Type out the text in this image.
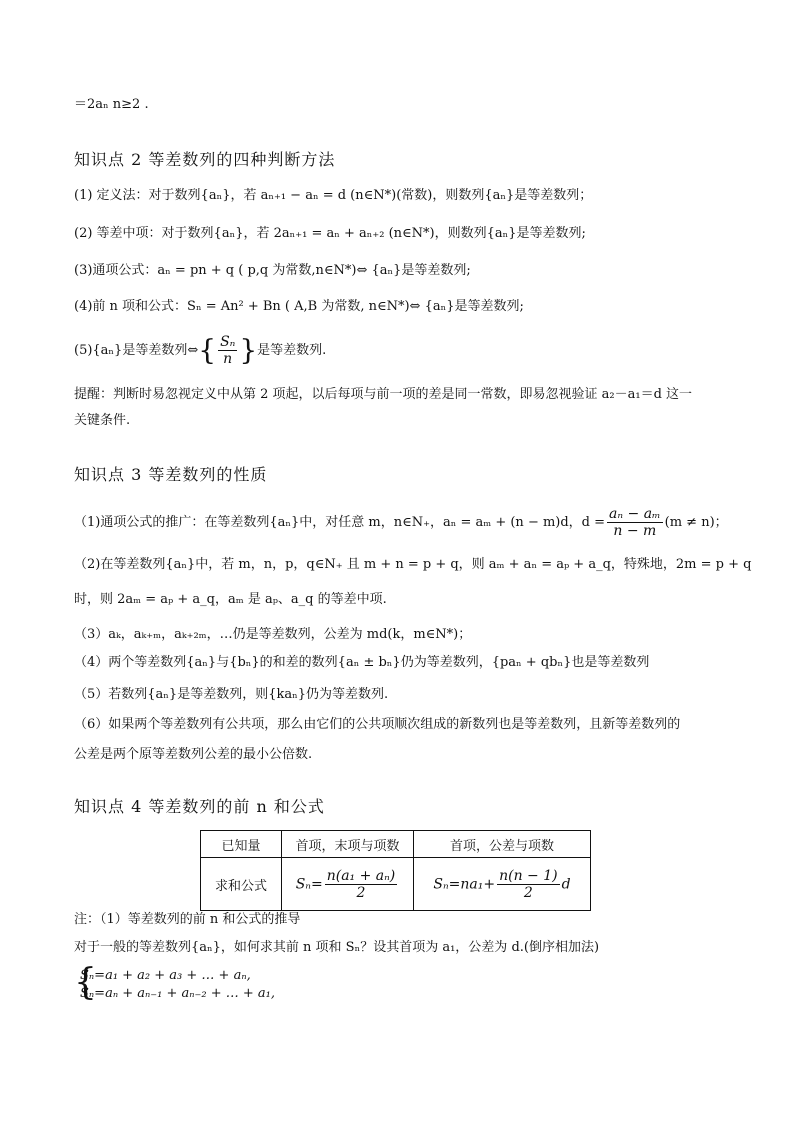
＝2aₙ n≥2 .
知识点 2 等差数列的四种判断方法
(1) 定义法：对于数列{aₙ}，若 aₙ₊₁ − aₙ = d (n∈N*)(常数)，则数列{aₙ}是等差数列；
(2) 等差中项：对于数列{aₙ}，若 2aₙ₊₁ = aₙ + aₙ₊₂ (n∈N*)，则数列{aₙ}是等差数列;
(3)通项公式：aₙ = pn + q ( p,q 为常数,n∈N*)⇔ {aₙ}是等差数列;
(4)前 n 项和公式：Sₙ = An² + Bn ( A,B 为常数, n∈N*)⇔ {aₙ}是等差数列;
(5){aₙ}是等差数列⇔{ $\frac{\text{Sₙ}}{n}$ }是等差数列.
提醒：判断时易忽视定义中从第 2 项起，以后每项与前一项的差是同一常数，即易忽视验证 a₂－a₁＝d 这一
关键条件.
知识点 3 等差数列的性质
（1)通项公式的推广：在等差数列{aₙ}中，对任意 m，n∈N₊，aₙ = aₘ + (n − m)d，$d = \frac{\text{aₙ − aₘ}}{n - m} (m \ne n)$；
（2)在等差数列{aₙ}中，若 m，n，p，q∈N₊ 且 m + n = p + q，则 aₘ + aₙ = aₚ + a_q，特殊地，2m = p + q
时，则 2aₘ = aₚ + a_q，aₘ 是 aₚ、a_q 的等差中项.
（3）aₖ，aₖ₊ₘ，aₖ₊₂ₘ，…仍是等差数列，公差为 md(k，m∈N*)；
（4）两个等差数列{aₙ}与{bₙ}的和差的数列{aₙ ± bₙ}仍为等差数列，{paₙ + qbₙ}也是等差数列
（5）若数列{aₙ}是等差数列，则{kaₙ}仍为等差数列.
（6）如果两个等差数列有公共项，那么由它们的公共项顺次组成的新数列也是等差数列，且新等差数列的
公差是两个原等差数列公差的最小公倍数.
知识点 4 等差数列的前 n 和公式
已知量	首项，末项与项数	首项，公差与项数
求和公式	$S_n= \frac{\text{n(a₁ + aₙ)}}{2}$	$S_n=na_1+ \frac{n(n - 1)}{2}$ d
注：（1）等差数列的前 n 和公式的推导
对于一般的等差数列{aₙ}，如何求其前 n 项和 Sₙ？设其首项为 a₁，公差为 d.(倒序相加法)
{
Sₙ=a₁ + a₂ + a₃ + … + aₙ,
Sₙ=aₙ + aₙ₋₁ + aₙ₋₂ + … + a₁,
